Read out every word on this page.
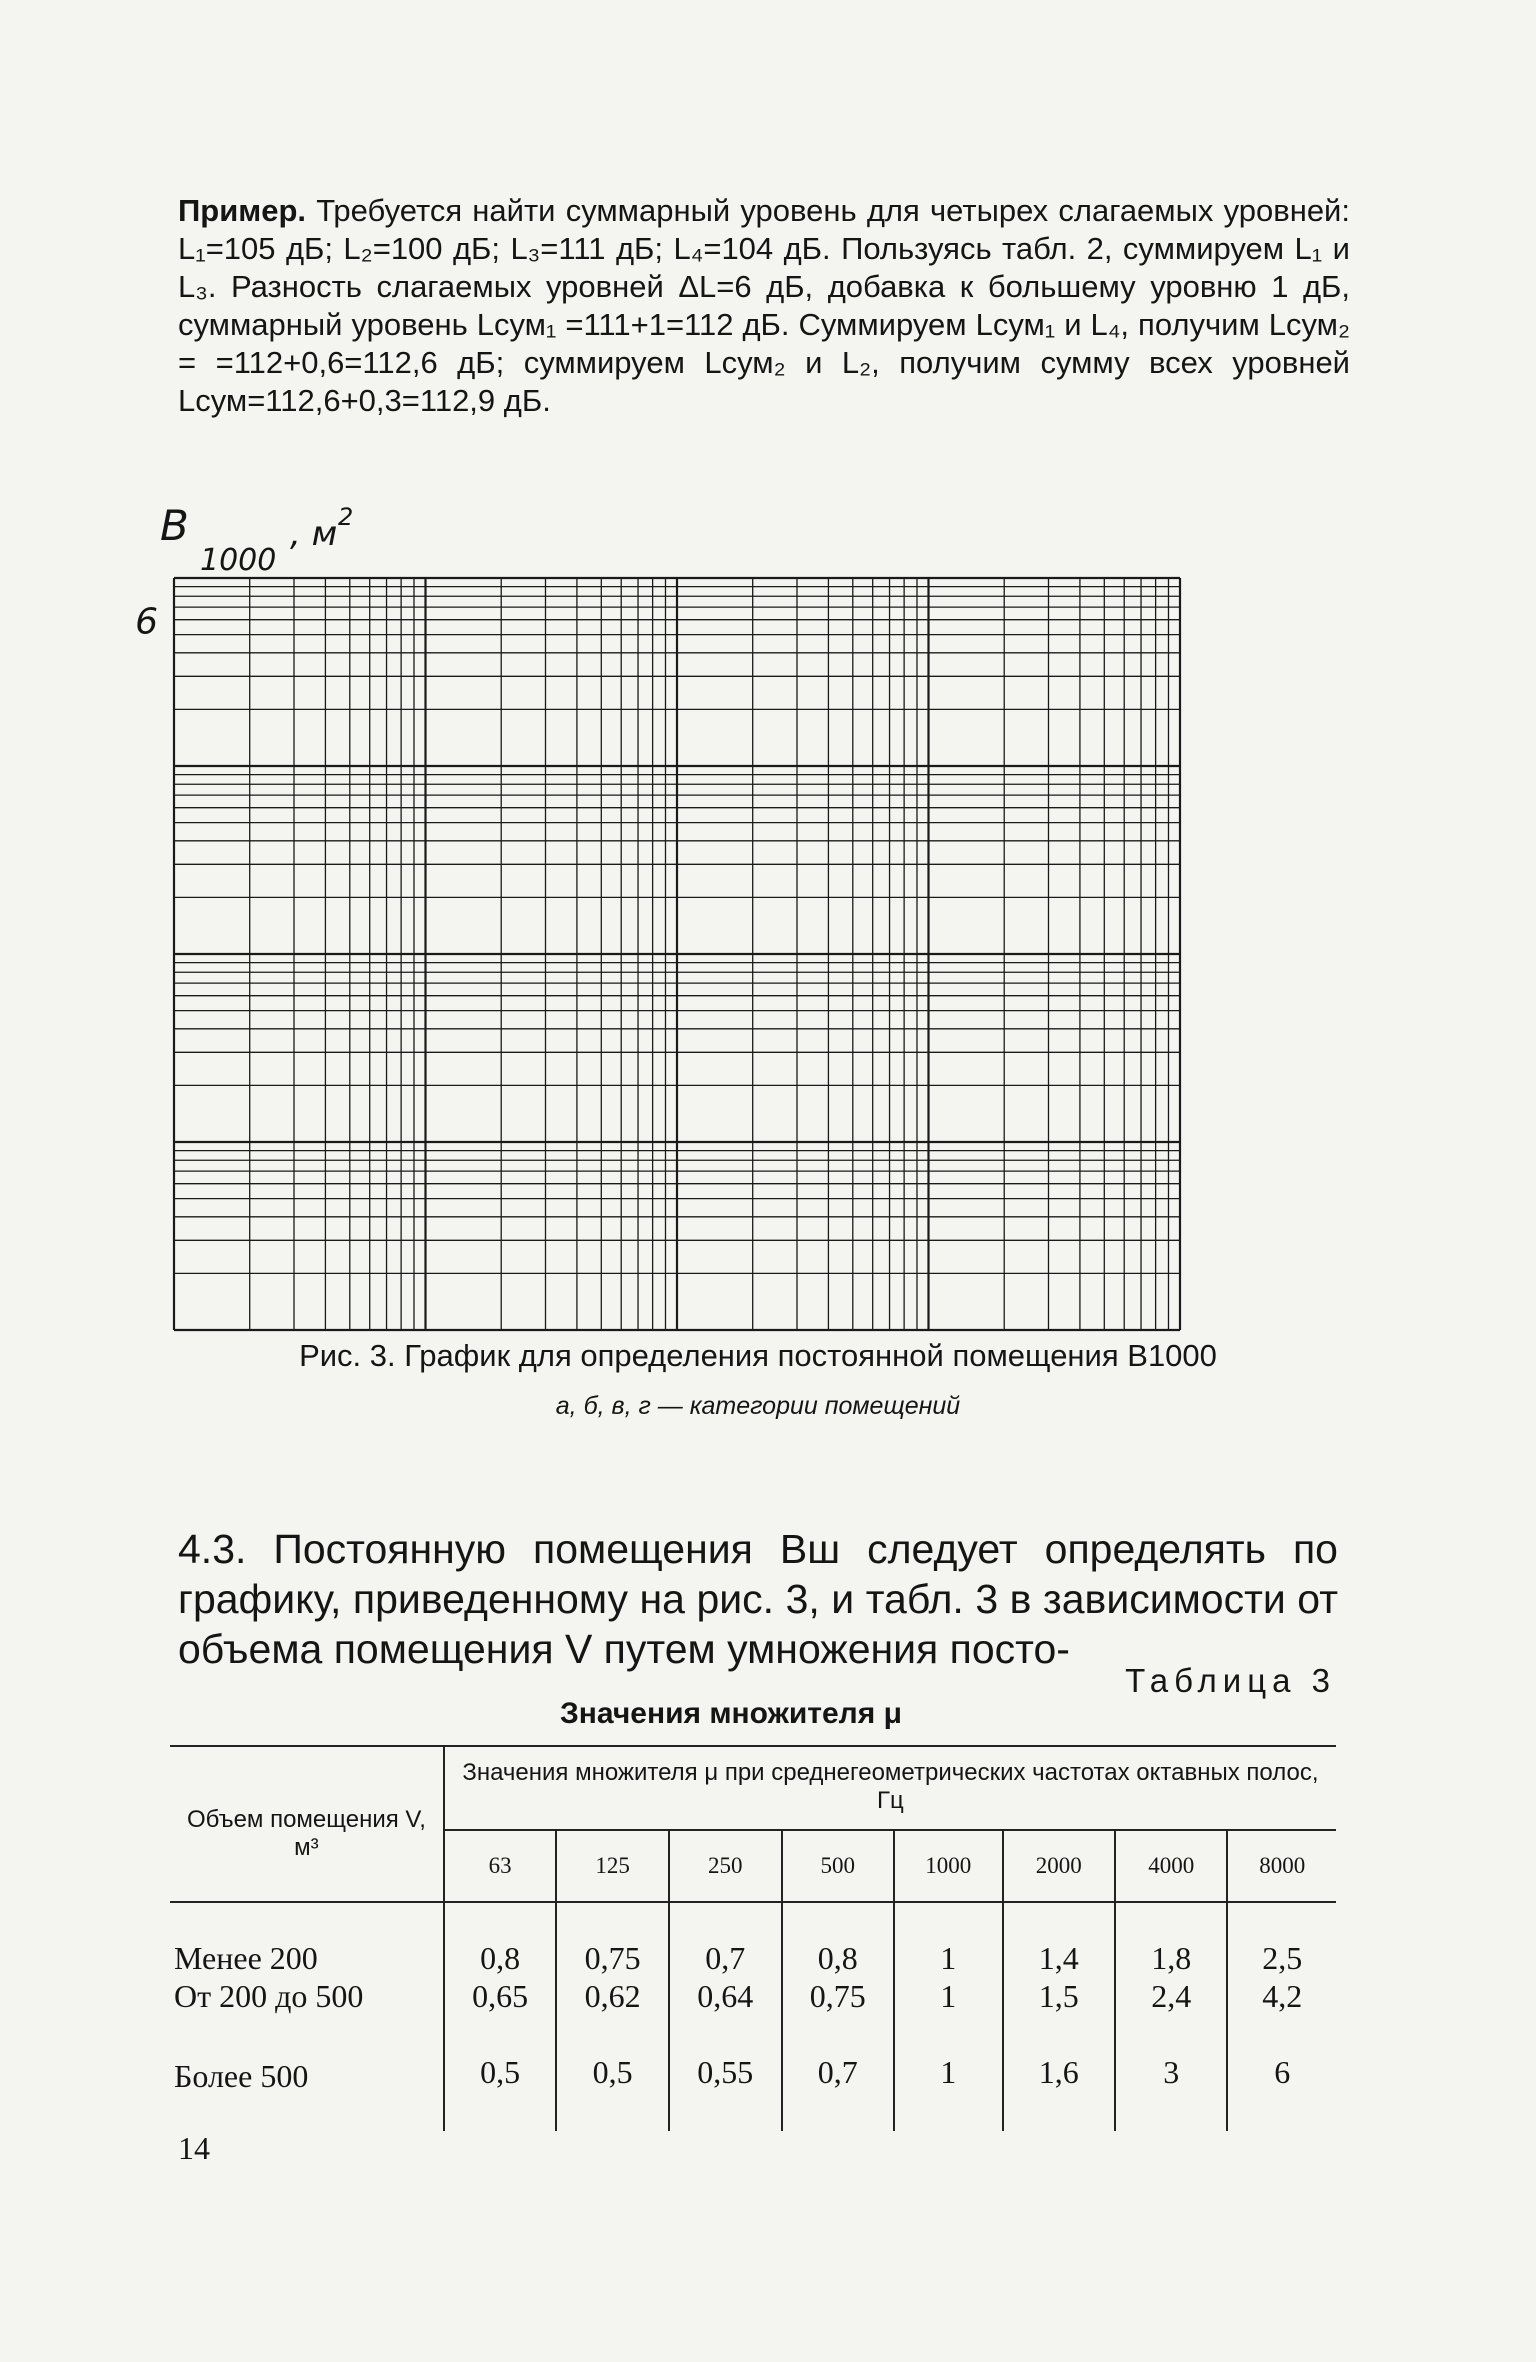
Пример. Требуется найти суммарный уровень для четырех слагаемых уровней: L₁=105 дБ; L₂=100 дБ; L₃=111 дБ; L₄=104 дБ. Пользуясь табл. 2, суммируем L₁ и L₃. Разность слагаемых уровней ΔL=6 дБ, добавка к большему уровню 1 дБ, суммарный уровень Lсум₁ =111+1=112 дБ. Суммируем Lсум₁ и L₄, получим Lсум₂ = =112+0,6=112,6 дБ; суммируем Lсум₂ и L₂, получим сумму всех уровней Lсум=112,6+0,3=112,9 дБ.

B
1000
, м 2
6
Рис. 3. График для определения постоянной помещения B1000
а, б, в, г — категории помещений

4.3. Постоянную помещения Bш следует определять по графику, приведенному на рис. 3, и табл. 3 в зависимости от объема помещения V путем умножения посто-

Таблица 3
Значения множителя μ
Объем помещения V, м³	Значения множителя μ при среднегеометрических частотах октавных полос, Гц							
	63	125	250	500	1000	2000	4000	8000
Менее 200	0,8	0,75	0,7	0,8	1	1,4	1,8	2,5
От 200 до 500	0,65	0,62	0,64	0,75	1	1,5	2,4	4,2
Более 500	0,5	0,5	0,55	0,7	1	1,6	3	6
14
